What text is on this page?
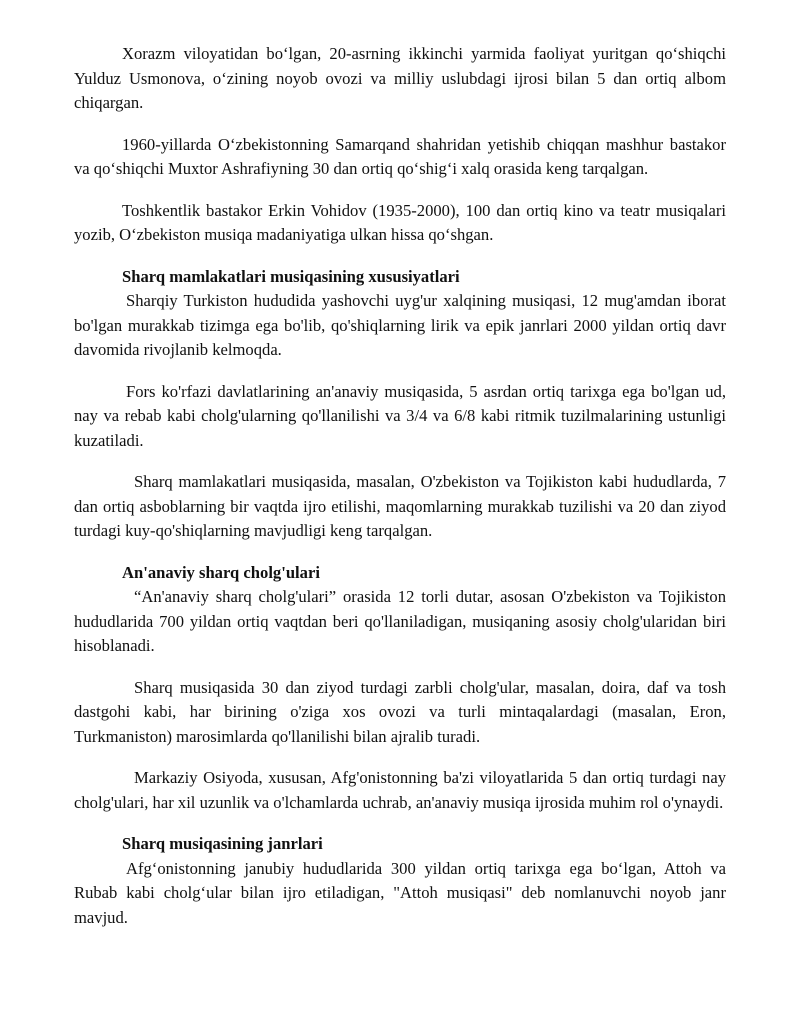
Xorazm viloyatidan boʻlgan, 20-asrning ikkinchi yarmida faoliyat yuritgan qoʻshiqchi Yulduz Usmonova, oʻzining noyob ovozi va milliy uslubdagi ijrosi bilan 5 dan ortiq albom chiqargan.

1960-yillarda Oʻzbekistonning Samarqand shahridan yetishib chiqqan mashhur bastakor va qoʻshiqchi Muxtor Ashrafiyning 30 dan ortiq qoʻshigʻi xalq orasida keng tarqalgan.

Toshkentlik bastakor Erkin Vohidov (1935-2000), 100 dan ortiq kino va teatr musiqalari yozib, Oʻzbekiston musiqa madaniyatiga ulkan hissa qoʻshgan.

Sharq mamlakatlari musiqasining xususiyatlari

Sharqiy Turkiston hududida yashovchi uyg'ur xalqining musiqasi, 12 mug'amdan iborat bo'lgan murakkab tizimga ega bo'lib, qo'shiqlarning lirik va epik janrlari 2000 yildan ortiq davr davomida rivojlanib kelmoqda.

Fors ko'rfazi davlatlarining an'anaviy musiqasida, 5 asrdan ortiq tarixga ega bo'lgan ud, nay va rebab kabi cholg'ularning qo'llanilishi va 3/4 va 6/8 kabi ritmik tuzilmalarining ustunligi kuzatiladi.

Sharq mamlakatlari musiqasida, masalan, O'zbekiston va Tojikiston kabi hududlarda, 7 dan ortiq asboblarning bir vaqtda ijro etilishi, maqomlarning murakkab tuzilishi va 20 dan ziyod turdagi kuy-qo'shiqlarning mavjudligi keng tarqalgan.

An'anaviy sharq cholg'ulari

“An'anaviy sharq cholg'ulari” orasida 12 torli dutar, asosan O'zbekiston va Tojikiston hududlarida 700 yildan ortiq vaqtdan beri qo'llaniladigan, musiqaning asosiy cholg'ularidan biri hisoblanadi.

Sharq musiqasida 30 dan ziyod turdagi zarbli cholg'ular, masalan, doira, daf va tosh dastgohi kabi, har birining o'ziga xos ovozi va turli mintaqalardagi (masalan, Eron, Turkmaniston) marosimlarda qo'llanilishi bilan ajralib turadi.

Markaziy Osiyoda, xususan, Afg'onistonning ba'zi viloyatlarida 5 dan ortiq turdagi nay cholg'ulari, har xil uzunlik va o'lchamlarda uchrab, an'anaviy musiqa ijrosida muhim rol o'ynaydi.

Sharq musiqasining janrlari

Afgʻonistonning janubiy hududlarida 300 yildan ortiq tarixga ega boʻlgan, Attoh va Rubab kabi cholgʻular bilan ijro etiladigan, "Attoh musiqasi" deb nomlanuvchi noyob janr mavjud.
